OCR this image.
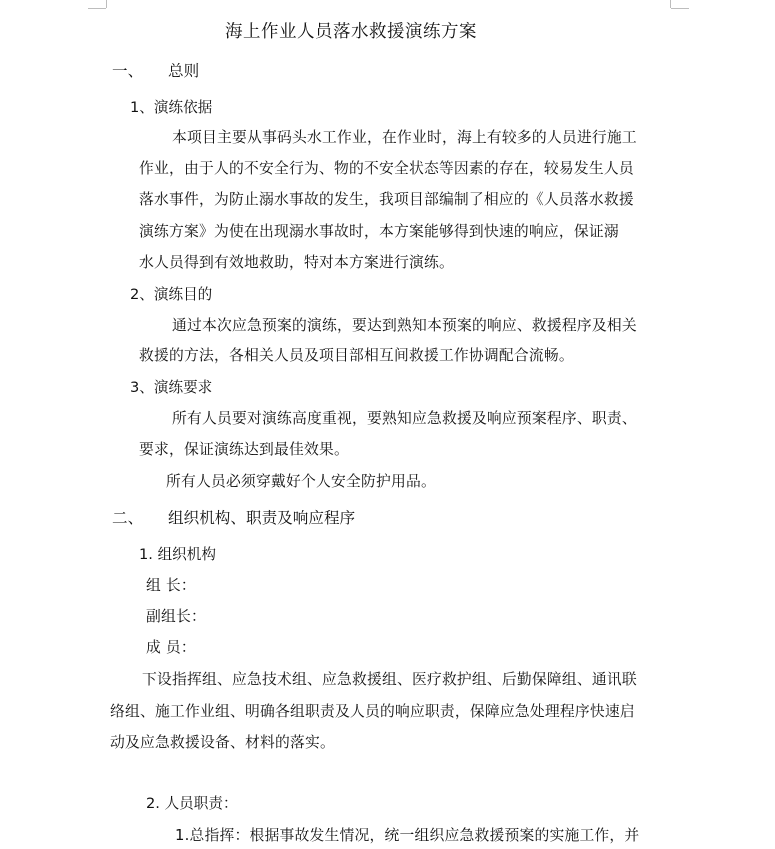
海上作业人员落水救援演练方案
一、 总则
1、演练依据
本项目主要从事码头水工作业，在作业时，海上有较多的人员进行施工
作业，由于人的不安全行为、物的不安全状态等因素的存在，较易发生人员
落水事件，为防止溺水事故的发生，我项目部编制了相应的《人员落水救援
演练方案》为使在出现溺水事故时，本方案能够得到快速的响应，保证溺
水人员得到有效地救助，特对本方案进行演练。
2、演练目的
通过本次应急预案的演练，要达到熟知本预案的响应、救援程序及相关
救援的方法，各相关人员及项目部相互间救援工作协调配合流畅。
3、演练要求
所有人员要对演练高度重视，要熟知应急救援及响应预案程序、职责、
要求，保证演练达到最佳效果。
所有人员必须穿戴好个人安全防护用品。
二、 组织机构、职责及响应程序
1. 组织机构
组 长：
副组长：
成 员：
下设指挥组、应急技术组、应急救援组、医疗救护组、后勤保障组、通讯联
络组、施工作业组、明确各组职责及人员的响应职责，保障应急处理程序快速启
动及应急救援设备、材料的落实。
2. 人员职责：
1.总指挥：根据事故发生情况，统一组织应急救援预案的实施工作，并
